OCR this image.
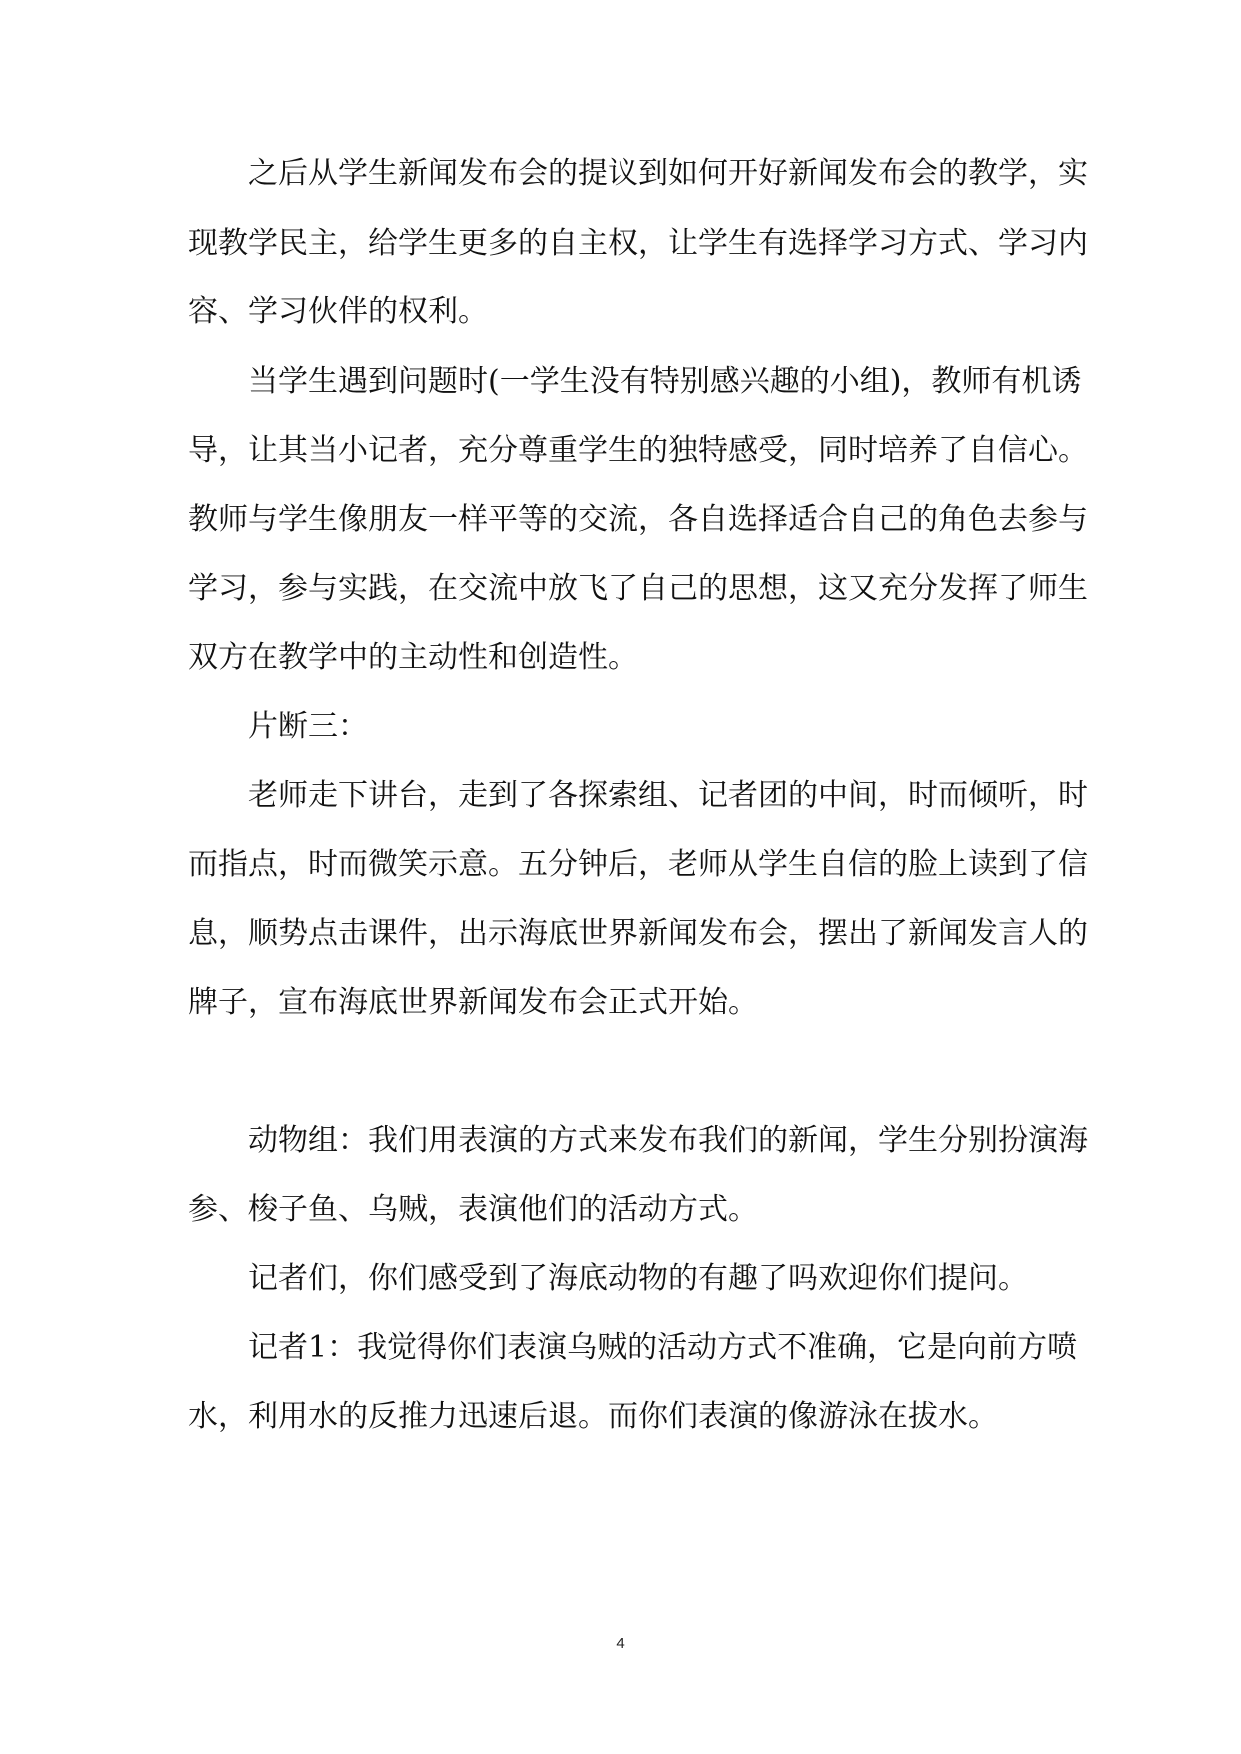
之后从学生新闻发布会的提议到如何开好新闻发布会的教学，实

现教学民主，给学生更多的自主权，让学生有选择学习方式、学习内

容、学习伙伴的权利。

当学生遇到问题时(一学生没有特别感兴趣的小组)，教师有机诱

导，让其当小记者，充分尊重学生的独特感受，同时培养了自信心。

教师与学生像朋友一样平等的交流，各自选择适合自己的角色去参与

学习，参与实践，在交流中放飞了自己的思想，这又充分发挥了师生

双方在教学中的主动性和创造性。

片断三：

老师走下讲台，走到了各探索组、记者团的中间，时而倾听，时

而指点，时而微笑示意。五分钟后，老师从学生自信的脸上读到了信

息，顺势点击课件，出示海底世界新闻发布会，摆出了新闻发言人的

牌子，宣布海底世界新闻发布会正式开始。

动物组：我们用表演的方式来发布我们的新闻，学生分别扮演海

参、梭子鱼、乌贼，表演他们的活动方式。

记者们，你们感受到了海底动物的有趣了吗欢迎你们提问。

记者1：我觉得你们表演乌贼的活动方式不准确，它是向前方喷

水，利用水的反推力迅速后退。而你们表演的像游泳在拔水。

4
